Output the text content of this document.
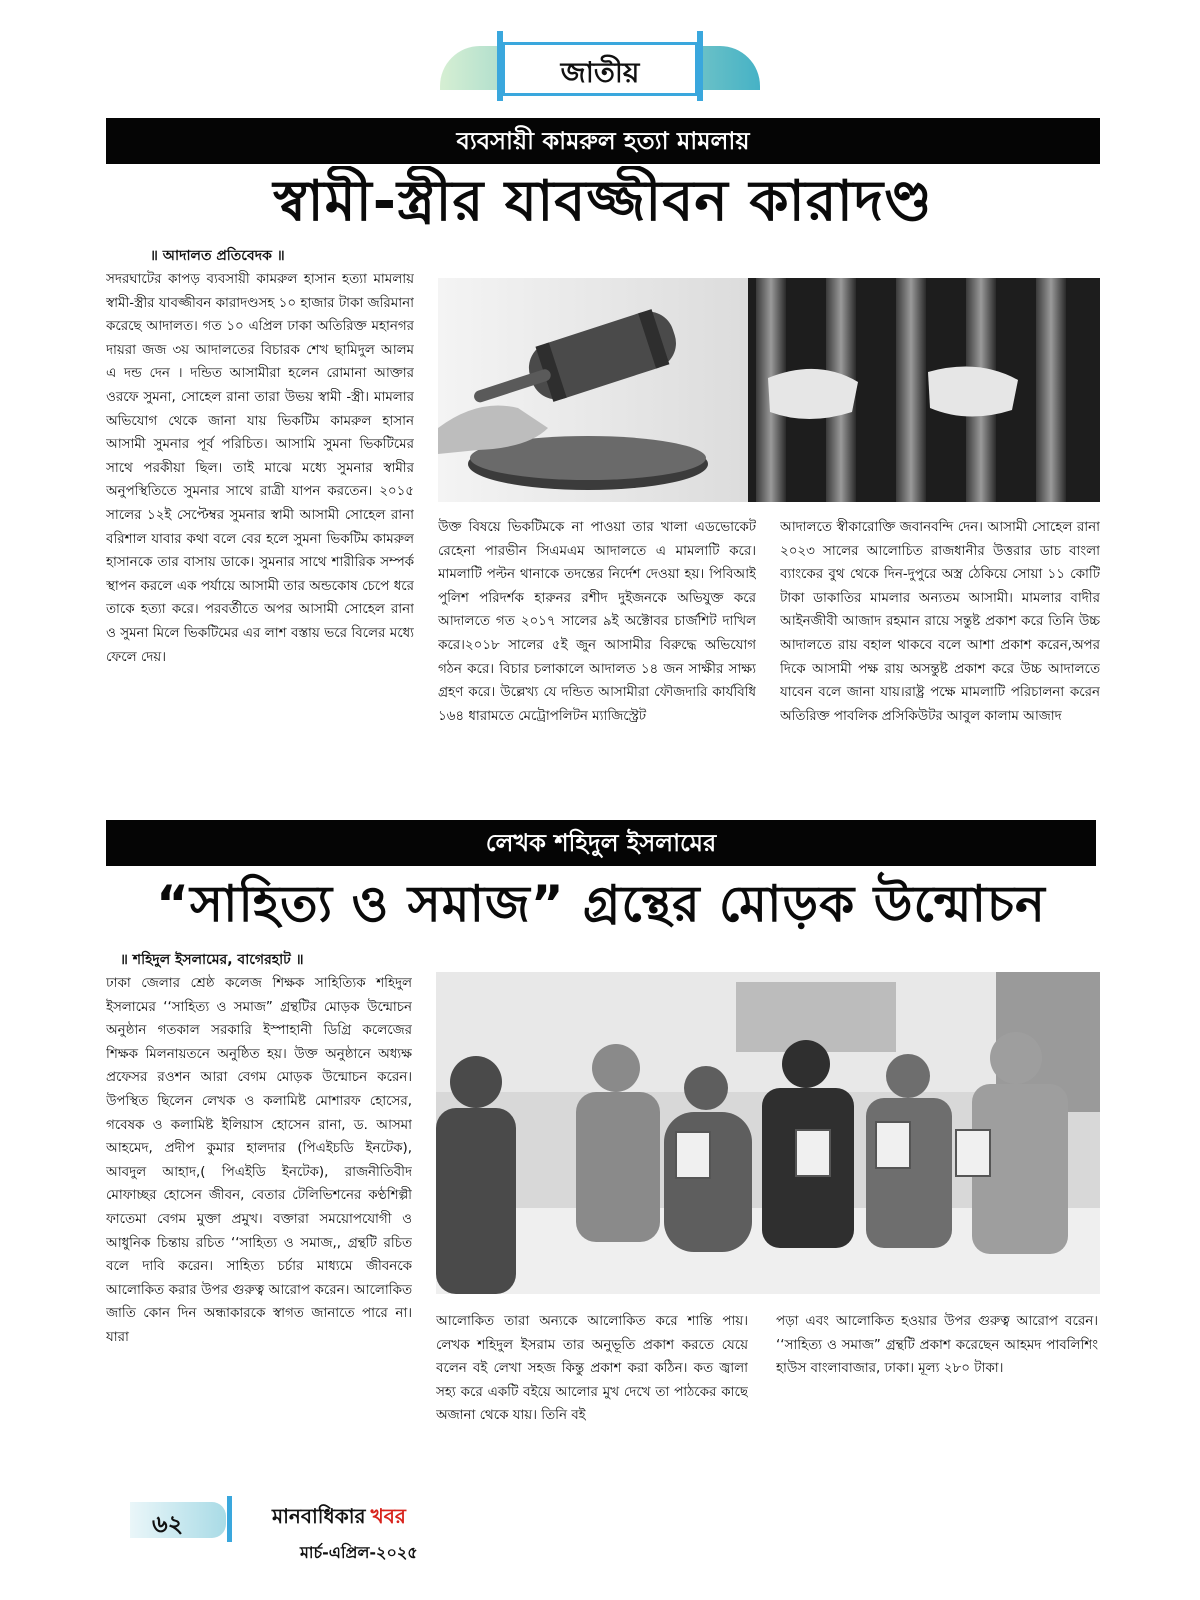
জাতীয়
ব্যবসায়ী কামরুল হত্যা মামলায়
স্বামী-স্ত্রীর যাবজ্জীবন কারাদণ্ড
॥ আদালত প্রতিবেদক ॥
সদরঘাটের কাপড় ব্যবসায়ী কামরুল হাসান হত্যা মামলায় স্বামী-স্ত্রীর যাবজ্জীবন কারাদণ্ডসহ ১০ হাজার টাকা জরিমানা করেছে আদালত। গত ১০ এপ্রিল ঢাকা অতিরিক্ত মহানগর দায়রা জজ ৩য় আদালতের বিচারক শেখ ছামিদুল আলম এ দন্ড দেন । দন্ডিত আসামীরা হলেন রোমানা আক্তার ওরফে সুমনা, সোহেল রানা তারা উভয় স্বামী -স্ত্রী। মামলার অভিযোগ থেকে জানা যায় ভিকটিম কামরুল হাসান আসামী সুমনার পূর্ব পরিচিত। আসামি সুমনা ভিকটিমের সাথে পরকীয়া ছিল। তাই মাঝে মধ্যে সুমনার স্বামীর অনুপস্থিতিতে সুমনার সাথে রাত্রী যাপন করতেন। ২০১৫ সালের ১২ই সেপ্টেম্বর সুমনার স্বামী আসামী সোহেল রানা বরিশাল যাবার কথা বলে বের হলে সুমনা ভিকটিম কামরুল হাসানকে তার বাসায় ডাকে। সুমনার সাথে শারীরিক সম্পর্ক স্থাপন করলে এক পর্যায়ে আসামী তার অন্ডকোষ চেপে ধরে তাকে হত্যা করে। পরবর্তীতে অপর আসামী সোহেল রানা ও সুমনা মিলে ভিকটিমের এর লাশ বস্তায় ভরে বিলের মধ্যে ফেলে দেয়।
উক্ত বিষয়ে ভিকটিমকে না পাওয়া তার খালা এডভোকেট রেহেনা পারভীন সিএমএম আদালতে এ মামলাটি করে। মামলাটি পল্টন থানাকে তদন্তের নির্দেশ দেওয়া হয়। পিবিআই পুলিশ পরিদর্শক হারুনর রশীদ দুইজনকে অভিযুক্ত করে আদালতে গত ২০১৭ সালের ৯ই অক্টোবর চার্জশিট দাখিল করে।২০১৮ সালের ৫ই জুন আসামীর বিরুদ্ধে অভিযোগ গঠন করে। বিচার চলাকালে আদালত ১৪ জন সাক্ষীর সাক্ষ্য গ্রহণ করে। উল্লেখ্য যে দন্ডিত আসামীরা ফৌজদারি কার্যবিধি ১৬৪ ধারামতে মেট্রোপলিটন ম্যাজিস্ট্রেট
আদালতে স্বীকারোক্তি জবানবন্দি দেন। আসামী সোহেল রানা ২০২৩ সালের আলোচিত রাজধানীর উত্তরার ডাচ বাংলা ব্যাংকের বুথ থেকে দিন-দুপুরে অস্ত্র ঠেকিয়ে সোয়া ১১ কোটি টাকা ডাকাতির মামলার অন্যতম আসামী। মামলার বাদীর আইনজীবী আজাদ রহমান রায়ে সন্তুষ্ট প্রকাশ করে তিনি উচ্চ আদালতে রায় বহাল থাকবে বলে আশা প্রকাশ করেন,অপর দিকে আসামী পক্ষ রায় অসন্তুষ্ট প্রকাশ করে উচ্চ আদালতে যাবেন বলে জানা যায়।রাষ্ট্র পক্ষে মামলাটি পরিচালনা করেন অতিরিক্ত পাবলিক প্রসিকিউটর আবুল কালাম আজাদ
লেখক শহিদুল ইসলামের
“সাহিত্য ও সমাজ” গ্রন্থের মোড়ক উন্মোচন
॥ শহিদুল ইসলামের, বাগেরহাট ॥
ঢাকা জেলার শ্রেষ্ঠ কলেজ শিক্ষক সাহিত্যিক শহিদুল ইসলামের ‘‘সাহিত্য ও সমাজ” গ্রন্থটির মোড়ক উন্মোচন অনুষ্ঠান গতকাল সরকারি ইস্পাহানী ডিগ্রি কলেজের শিক্ষক মিলনায়তনে অনুষ্ঠিত হয়। উক্ত অনুষ্ঠানে অধ্যক্ষ প্রফেসর রওশন আরা বেগম মোড়ক উন্মোচন করেন। উপস্থিত ছিলেন লেখক ও কলামিষ্ট মোশারফ হোসের, গবেষক ও কলামিষ্ট ইলিয়াস হোসেন রানা, ড. আসমা আহমেদ, প্রদীপ কুমার হালদার (পিএইচডি ইনটেক), আবদুল আহাদ,( পিএইডি ইনটেক), রাজনীতিবীদ মোফাচ্ছর হোসেন জীবন, বেতার টেলিভিশনের কণ্ঠশিল্পী ফাতেমা বেগম মুক্তা প্রমুখ। বক্তারা সময়োপযোগী ও আধুনিক চিন্তায় রচিত ‘‘সাহিত্য ও সমাজ,, গ্রন্থটি রচিত বলে দাবি করেন। সাহিত্য চর্চার মাধ্যমে জীবনকে আলোকিত করার উপর গুরুত্ব আরোপ করেন। আলোকিত জাতি কোন দিন অন্ধাকারকে স্বাগত জানাতে পারে না। যারা
আলোকিত তারা অন্যকে আলোকিত করে শান্তি পায়। লেখক শহিদুল ইসরাম তার অনুভূতি প্রকাশ করতে যেয়ে বলেন বই লেখা সহজ কিন্তু প্রকাশ করা কঠিন। কত জ্বালা সহ্য করে একটি বইয়ে আলোর মুখ দেখে তা পাঠকের কাছে অজানা থেকে যায়। তিনি বই
পড়া এবং আলোকিত হওয়ার উপর গুরুত্ব আরোপ বরেন। ‘‘সাহিত্য ও সমাজ” গ্রন্থটি প্রকাশ করেছেন আহমদ পাবলিশিং হাউস বাংলাবাজার, ঢাকা। মূল্য ২৮০ টাকা।
৬২	মানবাধিকার খবর
মার্চ-এপ্রিল-২০২৫
